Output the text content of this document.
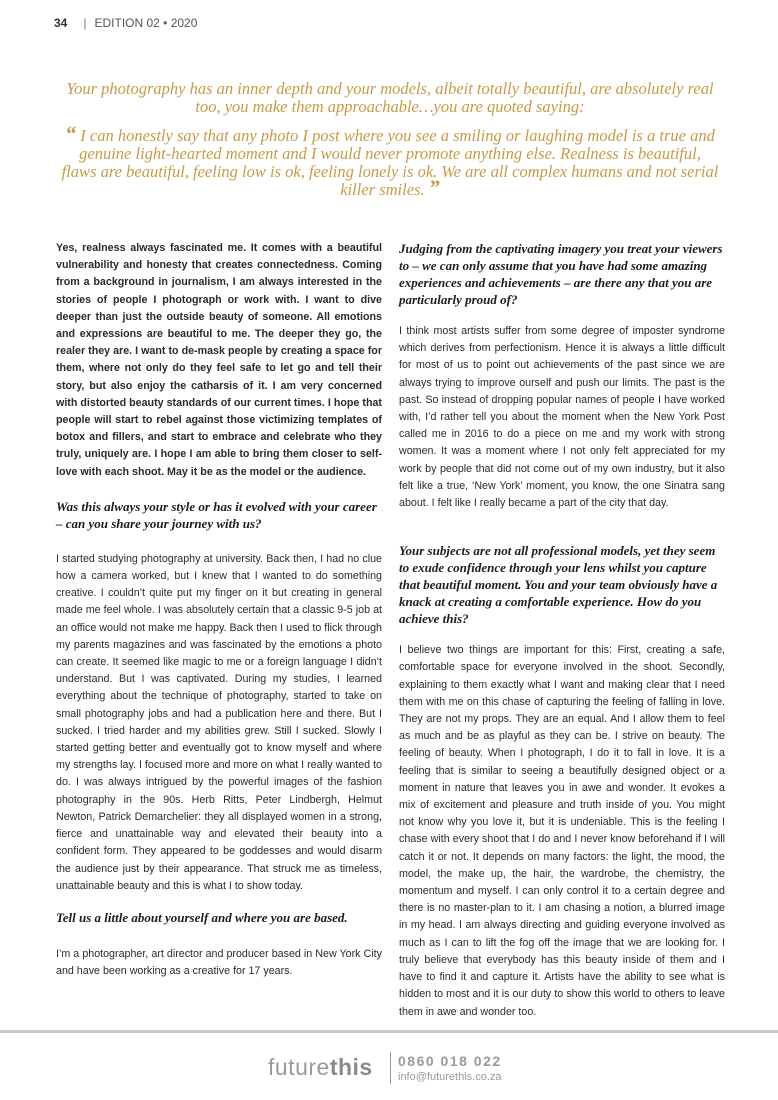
34 | EDITION 02 • 2020
Your photography has an inner depth and your models, albeit totally beautiful, are absolutely real too, you make them approachable…you are quoted saying:
“ I can honestly say that any photo I post where you see a smiling or laughing model is a true and genuine light-hearted moment and I would never promote anything else. Realness is beautiful, flaws are beautiful, feeling low is ok, feeling lonely is ok. We are all complex humans and not serial killer smiles. ”

Yes, realness always fascinated me. It comes with a beautiful vulnerability and honesty that creates connectedness. Coming from a background in journalism, I am always interested in the stories of people I photograph or work with. I want to dive deeper than just the outside beauty of someone. All emotions and expressions are beautiful to me. The deeper they go, the realer they are. I want to de-mask people by creating a space for them, where not only do they feel safe to let go and tell their story, but also enjoy the catharsis of it. I am very concerned with distorted beauty standards of our current times. I hope that people will start to rebel against those victimizing templates of botox and fillers, and start to embrace and celebrate who they truly, uniquely are. I hope I am able to bring them closer to self-love with each shoot. May it be as the model or the audience.

Was this always your style or has it evolved with your career – can you share your journey with us?

I started studying photography at university. Back then, I had no clue how a camera worked, but I knew that I wanted to do something creative. I couldn’t quite put my finger on it but creating in general made me feel whole. I was absolutely certain that a classic 9-5 job at an office would not make me happy. Back then I used to flick through my parents magazines and was fascinated by the emotions a photo can create. It seemed like magic to me or a foreign language I didn’t understand. But I was captivated. During my studies, I learned everything about the technique of photography, started to take on small photography jobs and had a publication here and there. But I sucked. I tried harder and my abilities grew. Still I sucked. Slowly I started getting better and eventually got to know myself and where my strengths lay. I focused more and more on what I really wanted to do. I was always intrigued by the powerful images of the fashion photography in the 90s. Herb Ritts, Peter Lindbergh, Helmut Newton, Patrick Demarchelier: they all displayed women in a strong, fierce and unattainable way and elevated their beauty into a confident form. They appeared to be goddesses and would disarm the audience just by their appearance. That struck me as timeless, unattainable beauty and this is what I to show today.

Tell us a little about yourself and where you are based.

I’m a photographer, art director and producer based in New York City and have been working as a creative for 17 years.

Judging from the captivating imagery you treat your viewers to – we can only assume that you have had some amazing experiences and achievements – are there any that you are particularly proud of?

I think most artists suffer from some degree of imposter syndrome which derives from perfectionism. Hence it is always a little difficult for most of us to point out achievements of the past since we are always trying to improve ourself and push our limits. The past is the past. So instead of dropping popular names of people I have worked with, I’d rather tell you about the moment when the New York Post called me in 2016 to do a piece on me and my work with strong women. It was a moment where I not only felt appreciated for my work by people that did not come out of my own industry, but it also felt like a true, ‘New York’ moment, you know, the one Sinatra sang about. I felt like I really became a part of the city that day.

Your subjects are not all professional models, yet they seem to exude confidence through your lens whilst you capture that beautiful moment. You and your team obviously have a knack at creating a comfortable experience. How do you achieve this?

I believe two things are important for this: First, creating a safe, comfortable space for everyone involved in the shoot. Secondly, explaining to them exactly what I want and making clear that I need them with me on this chase of capturing the feeling of falling in love. They are not my props. They are an equal. And I allow them to feel as much and be as playful as they can be. I strive on beauty. The feeling of beauty. When I photograph, I do it to fall in love. It is a feeling that is similar to seeing a beautifully designed object or a moment in nature that leaves you in awe and wonder. It evokes a mix of excitement and pleasure and truth inside of you. You might not know why you love it, but it is undeniable. This is the feeling I chase with every shoot that I do and I never know beforehand if I will catch it or not. It depends on many factors: the light, the mood, the model, the make up, the hair, the wardrobe, the chemistry, the momentum and myself. I can only control it to a certain degree and there is no master-plan to it. I am chasing a notion, a blurred image in my head. I am always directing and guiding everyone involved as much as I can to lift the fog off the image that we are looking for. I truly believe that everybody has this beauty inside of them and I have to find it and capture it. Artists have the ability to see what is hidden to most and it is our duty to show this world to others to leave them in awe and wonder too.

futurethis 0860 018 022
info@futurethis.co.za
